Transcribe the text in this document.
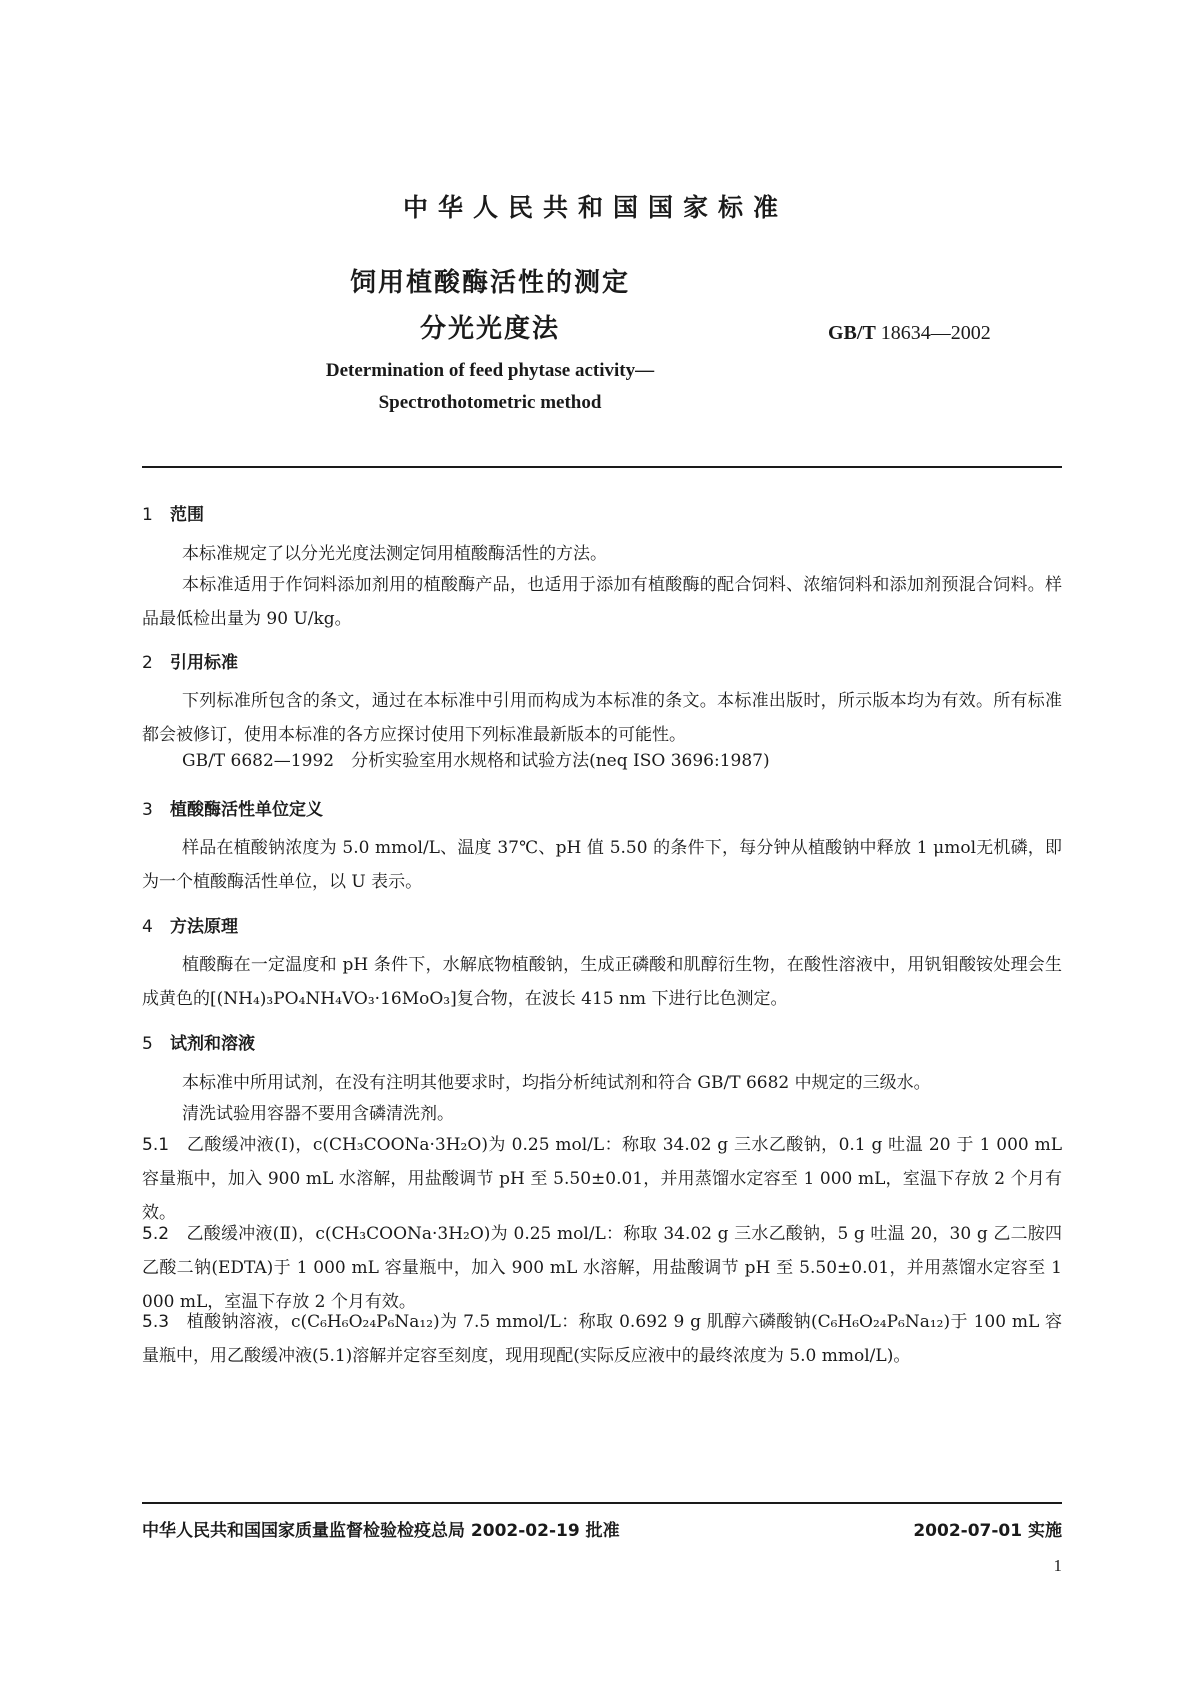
中华人民共和国国家标准
饲用植酸酶活性的测定
分光光度法	GB/T 18634—2002
Determination of feed phytase activity—
Spectrothotometric method
1 范围
本标准规定了以分光光度法测定饲用植酸酶活性的方法。
本标准适用于作饲料添加剂用的植酸酶产品，也适用于添加有植酸酶的配合饲料、浓缩饲料和添加剂预混合饲料。样品最低检出量为 90 U/kg。
2 引用标准
下列标准所包含的条文，通过在本标准中引用而构成为本标准的条文。本标准出版时，所示版本均为有效。所有标准都会被修订，使用本标准的各方应探讨使用下列标准最新版本的可能性。
GB/T 6682—1992　分析实验室用水规格和试验方法(neq ISO 3696:1987)
3 植酸酶活性单位定义
样品在植酸钠浓度为 5.0 mmol/L、温度 37℃、pH 值 5.50 的条件下，每分钟从植酸钠中释放 1 μmol无机磷，即为一个植酸酶活性单位，以 U 表示。
4 方法原理
植酸酶在一定温度和 pH 条件下，水解底物植酸钠，生成正磷酸和肌醇衍生物，在酸性溶液中，用钒钼酸铵处理会生成黄色的[(NH₄)₃PO₄NH₄VO₃·16MoO₃]复合物，在波长 415 nm 下进行比色测定。
5 试剂和溶液
本标准中所用试剂，在没有注明其他要求时，均指分析纯试剂和符合 GB/T 6682 中规定的三级水。
清洗试验用容器不要用含磷清洗剂。
5.1　 乙酸缓冲液(Ⅰ)，c(CH₃COONa·3H₂O)为 0.25 mol/L：称取 34.02 g 三水乙酸钠，0.1 g 吐温 20 于 1 000 mL 容量瓶中，加入 900 mL 水溶解，用盐酸调节 pH 至 5.50±0.01，并用蒸馏水定容至 1 000 mL，室温下存放 2 个月有效。
5.2　 乙酸缓冲液(Ⅱ)，c(CH₃COONa·3H₂O)为 0.25 mol/L：称取 34.02 g 三水乙酸钠，5 g 吐温 20，30 g 乙二胺四乙酸二钠(EDTA)于 1 000 mL 容量瓶中，加入 900 mL 水溶解，用盐酸调节 pH 至 5.50±0.01，并用蒸馏水定容至 1 000 mL，室温下存放 2 个月有效。
5.3　 植酸钠溶液，c(C₆H₆O₂₄P₆Na₁₂)为 7.5 mmol/L：称取 0.692 9 g 肌醇六磷酸钠(C₆H₆O₂₄P₆Na₁₂)于 100 mL 容量瓶中，用乙酸缓冲液(5.1)溶解并定容至刻度，现用现配(实际反应液中的最终浓度为 5.0 mmol/L)。
中华人民共和国国家质量监督检验检疫总局 2002-02-19 批准	2002-07-01 实施
1
